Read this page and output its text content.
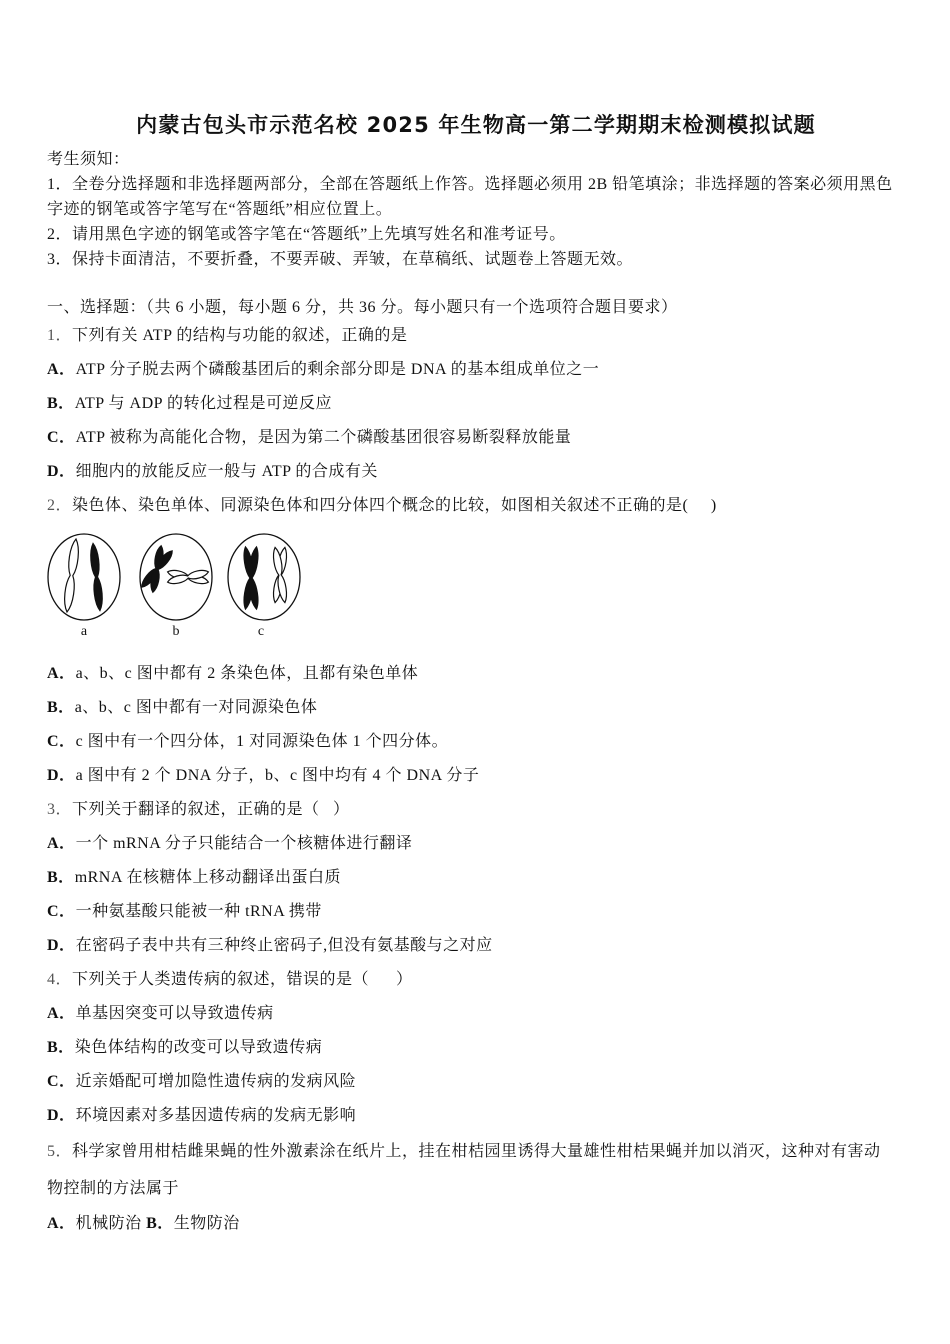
内蒙古包头市示范名校 2025 年生物高一第二学期期末检测模拟试题
考生须知：
1．全卷分选择题和非选择题两部分，全部在答题纸上作答。选择题必须用 2B 铅笔填涂；非选择题的答案必须用黑色
字迹的钢笔或答字笔写在“答题纸”相应位置上。
2．请用黑色字迹的钢笔或答字笔在“答题纸”上先填写姓名和准考证号。
3．保持卡面清洁，不要折叠，不要弄破、弄皱，在草稿纸、试题卷上答题无效。
一、选择题：（共 6 小题，每小题 6 分，共 36 分。每小题只有一个选项符合题目要求）
1．下列有关 ATP 的结构与功能的叙述，正确的是
A．ATP 分子脱去两个磷酸基团后的剩余部分即是 DNA 的基本组成单位之一
B．ATP 与 ADP 的转化过程是可逆反应
C．ATP 被称为高能化合物，是因为第二个磷酸基团很容易断裂释放能量
D．细胞内的放能反应一般与 ATP 的合成有关
2．染色体、染色单体、同源染色体和四分体四个概念的比较，如图相关叙述不正确的是(     )
a	b	c
A．a、b、c 图中都有 2 条染色体，且都有染色单体
B．a、b、c 图中都有一对同源染色体
C．c 图中有一个四分体，1 对同源染色体 1 个四分体。
D．a 图中有 2 个 DNA 分子，b、c 图中均有 4 个 DNA 分子
3．下列关于翻译的叙述，正确的是（   ）
A．一个 mRNA 分子只能结合一个核糖体进行翻译
B．mRNA 在核糖体上移动翻译出蛋白质
C．一种氨基酸只能被一种 tRNA 携带
D．在密码子表中共有三种终止密码子,但没有氨基酸与之对应
4．下列关于人类遗传病的叙述，错误的是（      ）
A．单基因突变可以导致遗传病
B．染色体结构的改变可以导致遗传病
C．近亲婚配可增加隐性遗传病的发病风险
D．环境因素对多基因遗传病的发病无影响
5．科学家曾用柑桔雌果蝇的性外激素涂在纸片上，挂在柑桔园里诱得大量雄性柑桔果蝇并加以消灭，这种对有害动
物控制的方法属于
A．机械防治 B．生物防治
